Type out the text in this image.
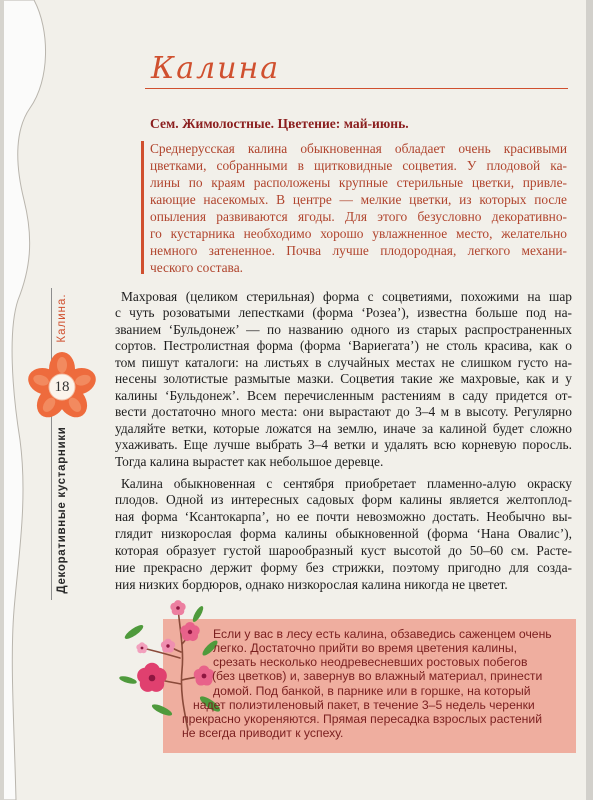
Калина
Сем. Жимолостные. Цветение: май-июнь.
Среднерусская калина обыкновенная обладает очень красивыми
цветками, собранными в щитковидные соцветия. У плодовой ка-
лины по краям расположены крупные стерильные цветки, привле-
кающие насекомых. В центре — мелкие цветки, из которых после
опыления развиваются ягоды. Для этого безусловно декоративно-
го кустарника необходимо хорошо увлажненное место, желательно
немного затененное. Почва лучше плодородная, легкого механи-
ческого состава.
Махровая (целиком стерильная) форма с соцветиями, похожими на шар
с чуть розоватыми лепестками (форма ‘Розеа’), известна больше под на-
званием ‘Бульдонеж’ — по названию одного из старых распространенных
сортов. Пестролистная форма (форма ‘Вариегата’) не столь красива, как о
том пишут каталоги: на листьях в случайных местах не слишком густо на-
несены золотистые размытые мазки. Соцветия такие же махровые, как и у
калины ‘Бульдонеж’. Всем перечисленным растениям в саду придется от-
вести достаточно много места: они вырастают до 3–4 м в высоту. Регулярно
удаляйте ветки, которые ложатся на землю, иначе за калиной будет сложно
ухаживать. Еще лучше выбрать 3–4 ветки и удалять всю корневую поросль.
Тогда калина вырастет как небольшое деревце.
Калина обыкновенная с сентября приобретает пламенно-алую окраску
плодов. Одной из интересных садовых форм калины является желтоплод-
ная форма ‘Ксантокарпа’, но ее почти невозможно достать. Необычно вы-
глядит низкорослая форма калины обыкновенной (форма ‘Нана Овалис’),
которая образует густой шарообразный куст высотой до 50–60 см. Расте-
ние прекрасно держит форму без стрижки, поэтому пригодно для созда-
ния низких бордюров, однако низкорослая калина никогда не цветет.
Калина.
18
Декоративные кустарники
Если у вас в лесу есть калина, обзаведись саженцем очень
легко. Достаточно прийти во время цветения калины,
срезать несколько неодревесневших ростовых побегов
(без цветков) и, завернув во влажный материал, принести
домой. Под банкой, в парнике или в горшке, на который
надет полиэтиленовый пакет, в течение 3–5 недель черенки
прекрасно укореняются. Прямая пересадка взрослых растений
не всегда приводит к успеху.
